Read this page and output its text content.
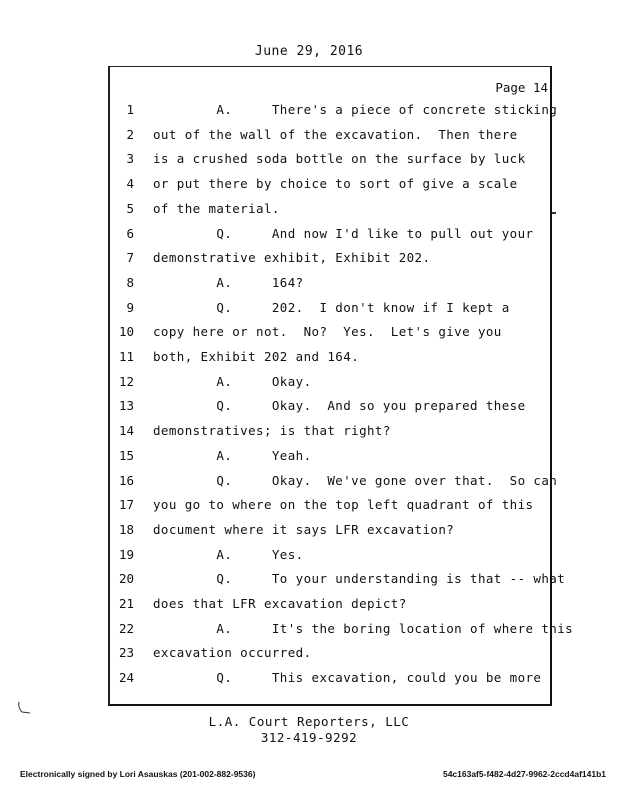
June 29, 2016
Page 14
1 A.     There's a piece of concrete sticking
2 out of the wall of the excavation.  Then there
3 is a crushed soda bottle on the surface by luck
4 or put there by choice to sort of give a scale
5 of the material.
6 Q.     And now I'd like to pull out your
7 demonstrative exhibit, Exhibit 202.
8 A.     164?
9 Q.     202.  I don't know if I kept a
10 copy here or not.  No?  Yes.  Let's give you
11 both, Exhibit 202 and 164.
12 A.     Okay.
13 Q.     Okay.  And so you prepared these
14 demonstratives; is that right?
15 A.     Yeah.
16 Q.     Okay.  We've gone over that.  So can
17 you go to where on the top left quadrant of this
18 document where it says LFR excavation?
19 A.     Yes.
20 Q.     To your understanding is that -- what
21 does that LFR excavation depict?
22 A.     It's the boring location of where this
23 excavation occurred.
24 Q.     This excavation, could you be more
L.A. Court Reporters, LLC
312-419-9292
Electronically signed by Lori Asauskas (201-002-882-9536)	54c163af5-f482-4d27-9962-2ccd4af141b1
